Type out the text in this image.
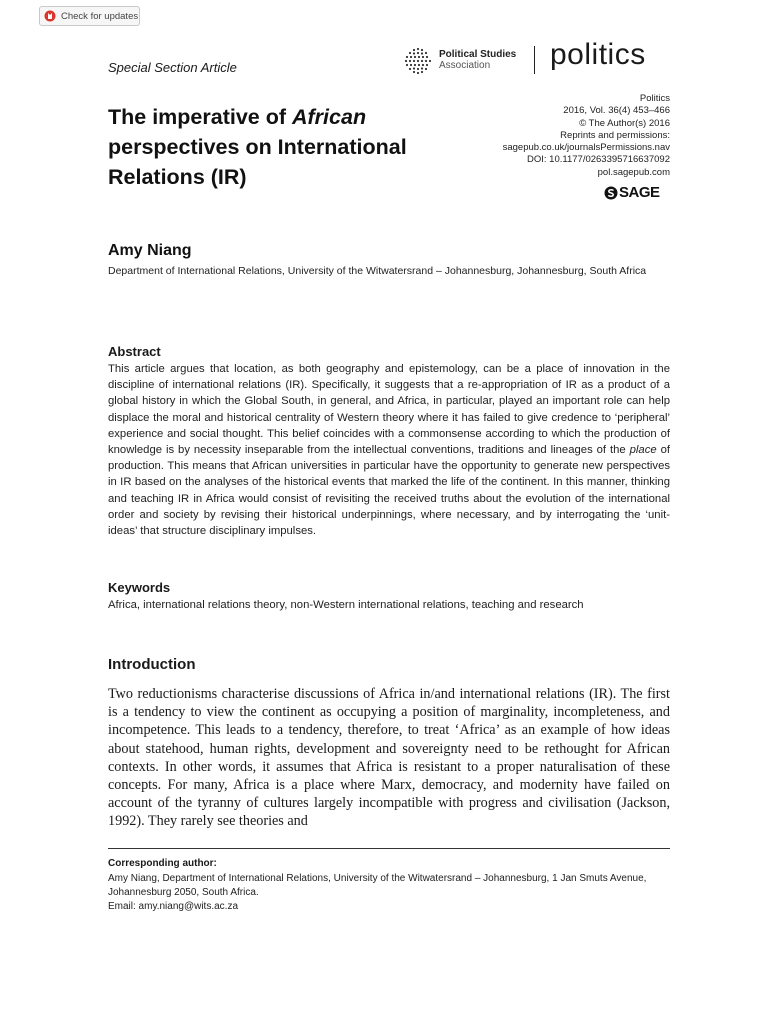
Check for updates
Special Section Article
Political Studies
Association politics
Politics
2016, Vol. 36(4) 453–466
© The Author(s) 2016
Reprints and permissions:
sagepub.co.uk/journalsPermissions.nav
DOI: 10.1177/0263395716637092
pol.sagepub.com
SAGE
The imperative of African perspectives on International Relations (IR)
Amy Niang
Department of International Relations, University of the Witwatersrand – Johannesburg, Johannesburg, South Africa
Abstract

This article argues that location, as both geography and epistemology, can be a place of innovation in the discipline of international relations (IR). Specifically, it suggests that a re-appropriation of IR as a product of a global history in which the Global South, in general, and Africa, in particular, played an important role can help displace the moral and historical centrality of Western theory where it has failed to give credence to ‘peripheral’ experience and social thought. This belief coincides with a commonsense according to which the production of knowledge is by necessity inseparable from the intellectual conventions, traditions and lineages of the place of production. This means that African universities in particular have the opportunity to generate new perspectives in IR based on the analyses of the historical events that marked the life of the continent. In this manner, thinking and teaching IR in Africa would consist of revisiting the received truths about the evolution of the international order and society by revising their historical underpinnings, where necessary, and by interrogating the ‘unit-ideas’ that structure disciplinary impulses.

Keywords
Africa, international relations theory, non-Western international relations, teaching and research
Introduction

Two reductionisms characterise discussions of Africa in/and international relations (IR). The first is a tendency to view the continent as occupying a position of marginality, incompleteness, and incompetence. This leads to a tendency, therefore, to treat ‘Africa’ as an example of how ideas about statehood, human rights, development and sovereignty need to be rethought for African contexts. In other words, it assumes that Africa is resistant to a proper naturalisation of these concepts. For many, Africa is a place where Marx, democracy, and modernity have failed on account of the tyranny of cultures largely incompatible with progress and civilisation (Jackson, 1992). They rarely see theories and

Corresponding author:
Amy Niang, Department of International Relations, University of the Witwatersrand – Johannesburg, 1 Jan Smuts Avenue, Johannesburg 2050, South Africa.
Email: amy.niang@wits.ac.za
